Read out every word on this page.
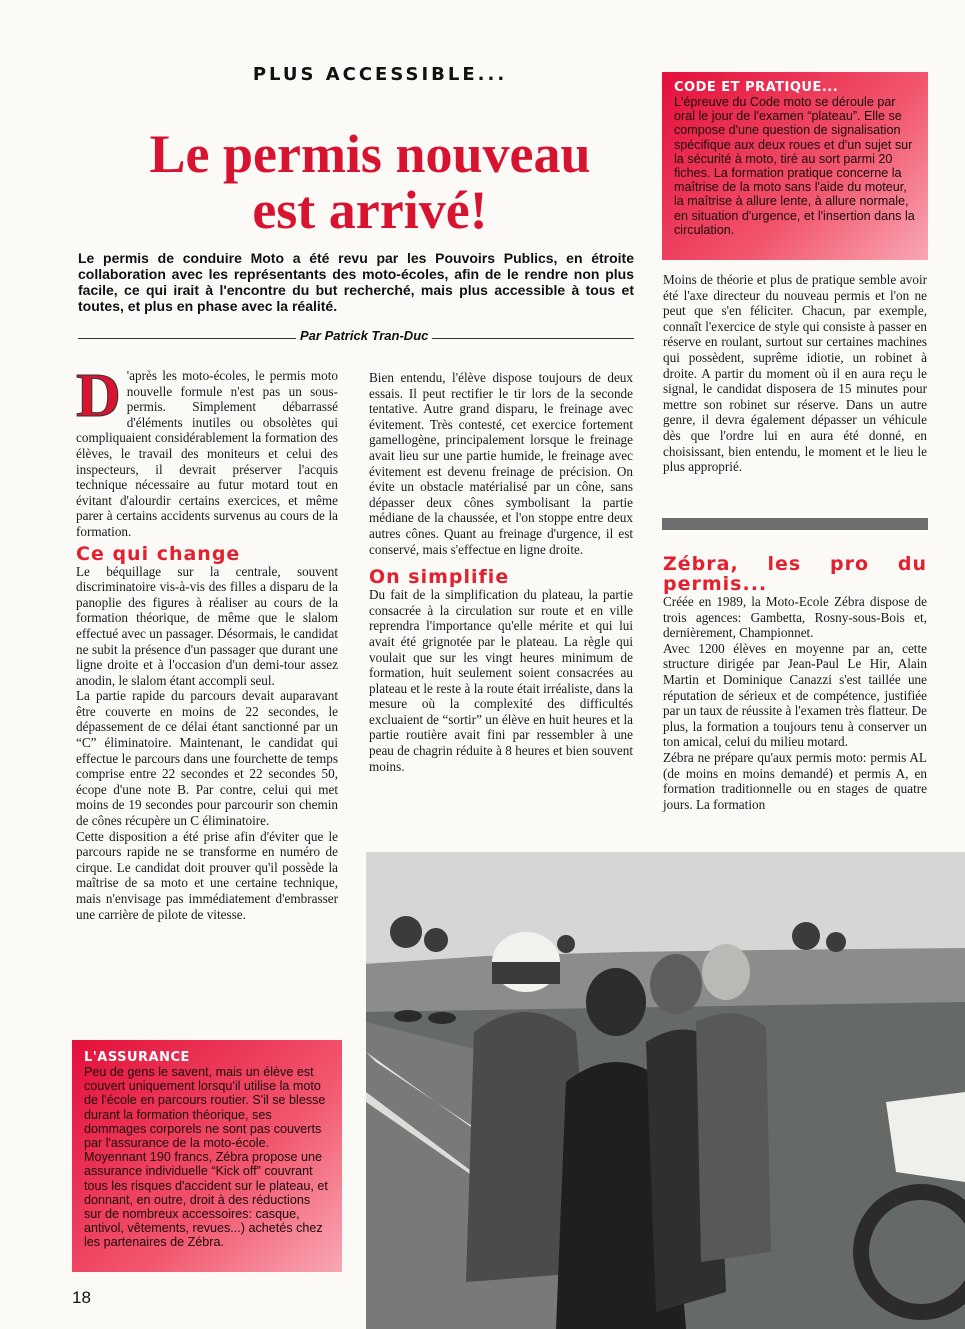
PLUS ACCESSIBLE...
Le permis nouveau
est arrivé!
Le permis de conduire Moto a été revu par les Pouvoirs Publics, en étroite collaboration avec les représentants des moto-écoles, afin de le rendre non plus facile, ce qui irait à l'encontre du but recherché, mais plus accessible à tous et toutes, et plus en phase avec la réalité.
Par Patrick Tran-Duc

D 'après les moto-écoles, le permis moto nouvelle formule n'est pas un sous-permis. Simplement débarrassé d'éléments inutiles ou obsolètes qui compliquaient considérablement la formation des élèves, le travail des moniteurs et celui des inspecteurs, il devrait préserver l'acquis technique nécessaire au futur motard tout en évitant d'alourdir certains exercices, et même parer à certains accidents survenus au cours de la formation.

Ce qui change

Le béquillage sur la centrale, souvent discriminatoire vis-à-vis des filles a disparu de la panoplie des figures à réaliser au cours de la formation théorique, de même que le slalom effectué avec un passager. Désormais, le candidat ne subit la présence d'un passager que durant une ligne droite et à l'occasion d'un demi-tour assez anodin, le slalom étant accompli seul.

La partie rapide du parcours devait auparavant être couverte en moins de 22 secondes, le dépassement de ce délai étant sanctionné par un “C” éliminatoire. Maintenant, le candidat qui effectue le parcours dans une fourchette de temps comprise entre 22 secondes et 22 secondes 50, écope d'une note B. Par contre, celui qui met moins de 19 secondes pour parcourir son chemin de cônes récupère un C éliminatoire.

Cette disposition a été prise afin d'éviter que le parcours rapide ne se transforme en numéro de cirque. Le candidat doit prouver qu'il possède la maîtrise de sa moto et une certaine technique, mais n'envisage pas immédiatement d'embrasser une carrière de pilote de vitesse.

L'ASSURANCE
Peu de gens le savent, mais un élève est couvert uniquement lorsqu'il utilise la moto de l'école en parcours routier. S'il se blesse durant la formation théorique, ses dommages corporels ne sont pas couverts par l'assurance de la moto-école. Moyennant 190 francs, Zébra propose une assurance individuelle “Kick off” couvrant tous les risques d'accident sur le plateau, et donnant, en outre, droit à des réductions sur de nombreux accessoires: casque, antivol, vêtements, revues...) achetés chez les partenaires de Zébra.

Bien entendu, l'élève dispose toujours de deux essais. Il peut rectifier le tir lors de la seconde tentative. Autre grand disparu, le freinage avec évitement. Très contesté, cet exercice fortement gamellogène, principalement lorsque le freinage avait lieu sur une partie humide, le freinage avec évitement est devenu freinage de précision. On évite un obstacle matérialisé par un cône, sans dépasser deux cônes symbolisant la partie médiane de la chaussée, et l'on stoppe entre deux autres cônes. Quant au freinage d'urgence, il est conservé, mais s'effectue en ligne droite.

On simplifie

Du fait de la simplification du plateau, la partie consacrée à la circulation sur route et en ville reprendra l'importance qu'elle mérite et qui lui avait été grignotée par le plateau. La règle qui voulait que sur les vingt heures minimum de formation, huit seulement soient consacrées au plateau et le reste à la route était irréaliste, dans la mesure où la complexité des difficultés excluaient de “sortir” un élève en huit heures et la partie routière avait fini par ressembler à une peau de chagrin réduite à 8 heures et bien souvent moins.

CODE ET PRATIQUE...
L'épreuve du Code moto se déroule par oral le jour de l'examen “plateau”. Elle se compose d'une question de signalisation spécifique aux deux roues et d'un sujet sur la sécurité à moto, tiré au sort parmi 20 fiches. La formation pratique concerne la maîtrise de la moto sans l'aide du moteur, la maîtrise à allure lente, à allure normale, en situation d'urgence, et l'insertion dans la circulation.

Moins de théorie et plus de pratique semble avoir été l'axe directeur du nouveau permis et l'on ne peut que s'en féliciter. Chacun, par exemple, connaît l'exercice de style qui consiste à passer en réserve en roulant, surtout sur certaines machines qui possèdent, suprême idiotie, un robinet à droite. A partir du moment où il en aura reçu le signal, le candidat disposera de 15 minutes pour mettre son robinet sur réserve. Dans un autre genre, il devra également dépasser un véhicule dès que l'ordre lui en aura été donné, en choisissant, bien entendu, le moment et le lieu le plus approprié.

Zébra, les pro du permis...

Créée en 1989, la Moto-Ecole Zébra dispose de trois agences: Gambetta, Rosny-sous-Bois et, dernièrement, Championnet.

Avec 1200 élèves en moyenne par an, cette structure dirigée par Jean-Paul Le Hir, Alain Martin et Dominique Canazzi s'est taillée une réputation de sérieux et de compétence, justifiée par un taux de réussite à l'examen très flatteur. De plus, la formation a toujours tenu à conserver un ton amical, celui du milieu motard.

Zébra ne prépare qu'aux permis moto: permis AL (de moins en moins demandé) et permis A, en formation traditionnelle ou en stages de quatre jours. La formation

18
